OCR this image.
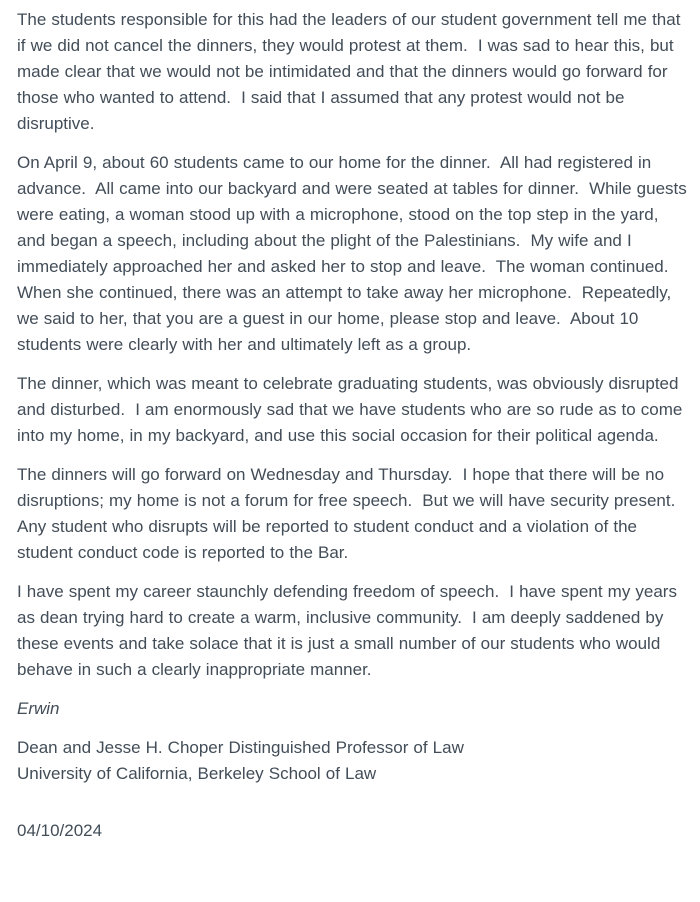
The students responsible for this had the leaders of our student government tell me that if we did not cancel the dinners, they would protest at them.  I was sad to hear this, but made clear that we would not be intimidated and that the dinners would go forward for those who wanted to attend.  I said that I assumed that any protest would not be disruptive.

On April 9, about 60 students came to our home for the dinner.  All had registered in advance.  All came into our backyard and were seated at tables for dinner.  While guests were eating, a woman stood up with a microphone, stood on the top step in the yard, and began a speech, including about the plight of the Palestinians.  My wife and I immediately approached her and asked her to stop and leave.  The woman continued.  When she continued, there was an attempt to take away her microphone.  Repeatedly, we said to her, that you are a guest in our home, please stop and leave.  About 10 students were clearly with her and ultimately left as a group.

The dinner, which was meant to celebrate graduating students, was obviously disrupted and disturbed.  I am enormously sad that we have students who are so rude as to come into my home, in my backyard, and use this social occasion for their political agenda.

The dinners will go forward on Wednesday and Thursday.  I hope that there will be no disruptions; my home is not a forum for free speech.  But we will have security present.  Any student who disrupts will be reported to student conduct and a violation of the student conduct code is reported to the Bar.

I have spent my career staunchly defending freedom of speech.  I have spent my years as dean trying hard to create a warm, inclusive community.  I am deeply saddened by these events and take solace that it is just a small number of our students who would behave in such a clearly inappropriate manner.

Erwin

Dean and Jesse H. Choper Distinguished Professor of Law
University of California, Berkeley School of Law

04/10/2024
